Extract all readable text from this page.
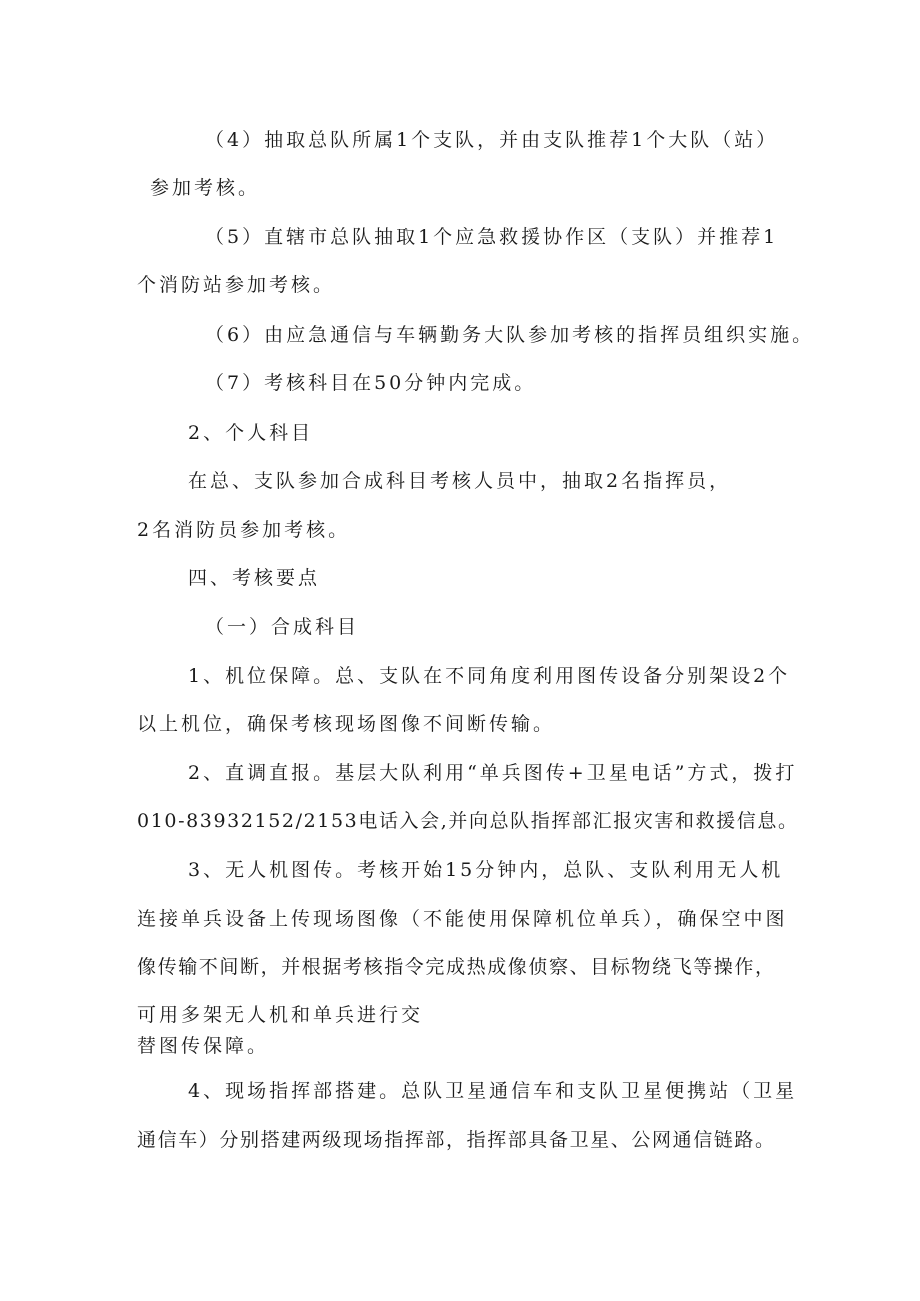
（4）抽取总队所属1个支队，并由支队推荐1个大队（站）
参加考核。
（5）直辖市总队抽取1个应急救援协作区（支队）并推荐1
个消防站参加考核。
（6）由应急通信与车辆勤务大队参加考核的指挥员组织实施。
（7）考核科目在50分钟内完成。
2、个人科目
在总、支队参加合成科目考核人员中，抽取2名指挥员，
2名消防员参加考核。
四、考核要点
（一）合成科目
1、机位保障。总、支队在不同角度利用图传设备分别架设2个
以上机位，确保考核现场图像不间断传输。
2、直调直报。基层大队利用“单兵图传+卫星电话”方式，拨打
010-83932152/2153电话入会,并向总队指挥部汇报灾害和救援信息。
3、无人机图传。考核开始15分钟内，总队、支队利用无人机
连接单兵设备上传现场图像（不能使用保障机位单兵），确保空中图
像传输不间断，并根据考核指令完成热成像侦察、目标物绕飞等操作，
可用多架无人机和单兵进行交
替图传保障。
4、现场指挥部搭建。总队卫星通信车和支队卫星便携站（卫星
通信车）分别搭建两级现场指挥部，指挥部具备卫星、公网通信链路。
